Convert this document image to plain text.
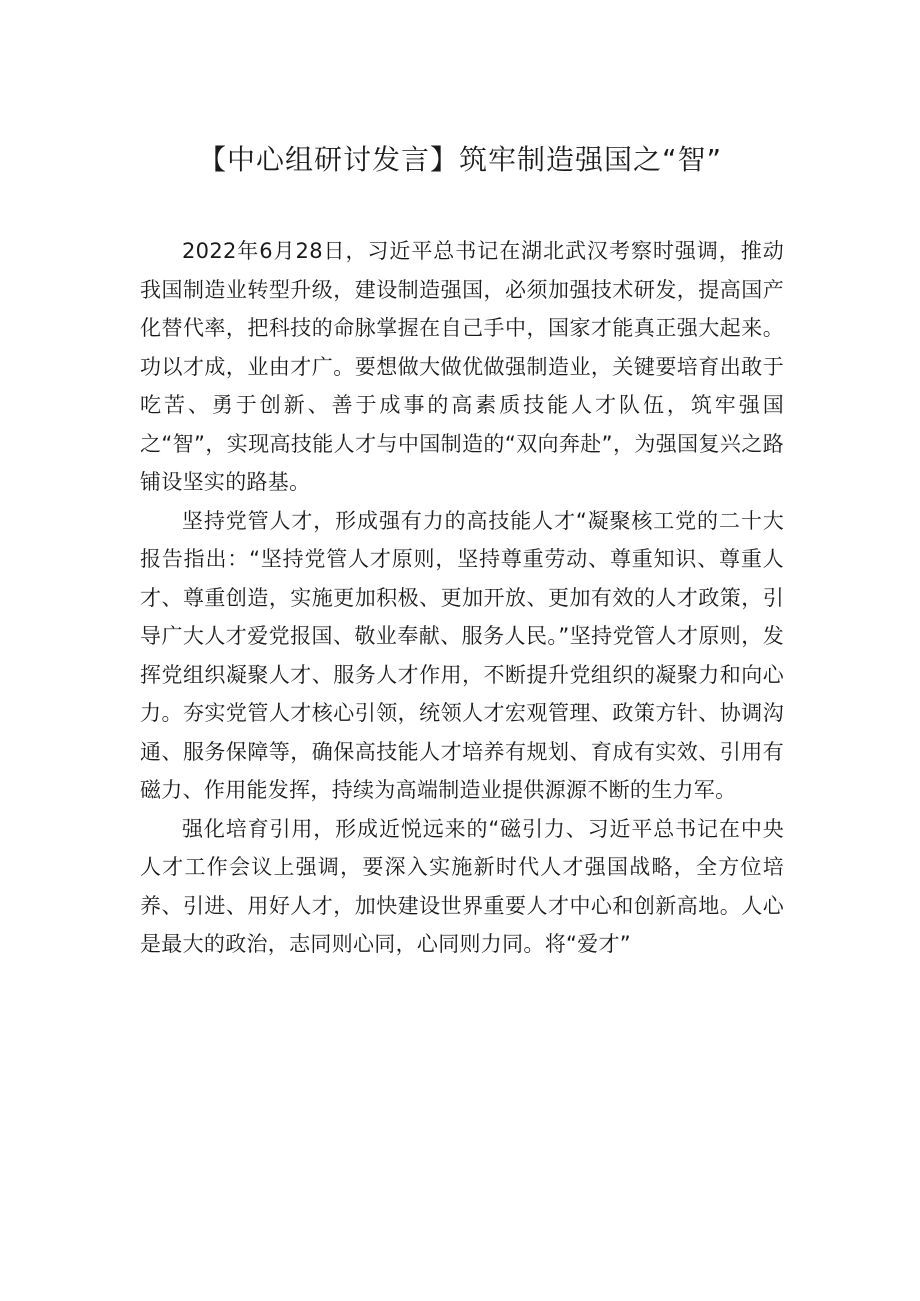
【中心组研讨发言】筑牢制造强国之“智”

2022年6月28日，习近平总书记在湖北武汉考察时强调，推动我国制造业转型升级，建设制造强国，必须加强技术研发，提高国产化替代率，把科技的命脉掌握在自己手中，国家才能真正强大起来。功以才成，业由才广。要想做大做优做强制造业，关键要培育出敢于吃苦、勇于创新、善于成事的高素质技能人才队伍，筑牢强国之“智”，实现高技能人才与中国制造的“双向奔赴”，为强国复兴之路铺设坚实的路基。

坚持党管人才，形成强有力的高技能人才“凝聚核工党的二十大报告指出：“坚持党管人才原则，坚持尊重劳动、尊重知识、尊重人才、尊重创造，实施更加积极、更加开放、更加有效的人才政策，引导广大人才爱党报国、敬业奉献、服务人民。”坚持党管人才原则，发挥党组织凝聚人才、服务人才作用，不断提升党组织的凝聚力和向心力。夯实党管人才核心引领，统领人才宏观管理、政策方针、协调沟通、服务保障等，确保高技能人才培养有规划、育成有实效、引用有磁力、作用能发挥，持续为高端制造业提供源源不断的生力军。

强化培育引用，形成近悦远来的“磁引力、习近平总书记在中央人才工作会议上强调，要深入实施新时代人才强国战略，全方位培养、引进、用好人才，加快建设世界重要人才中心和创新高地。人心是最大的政治，志同则心同，心同则力同。将“爱才”
